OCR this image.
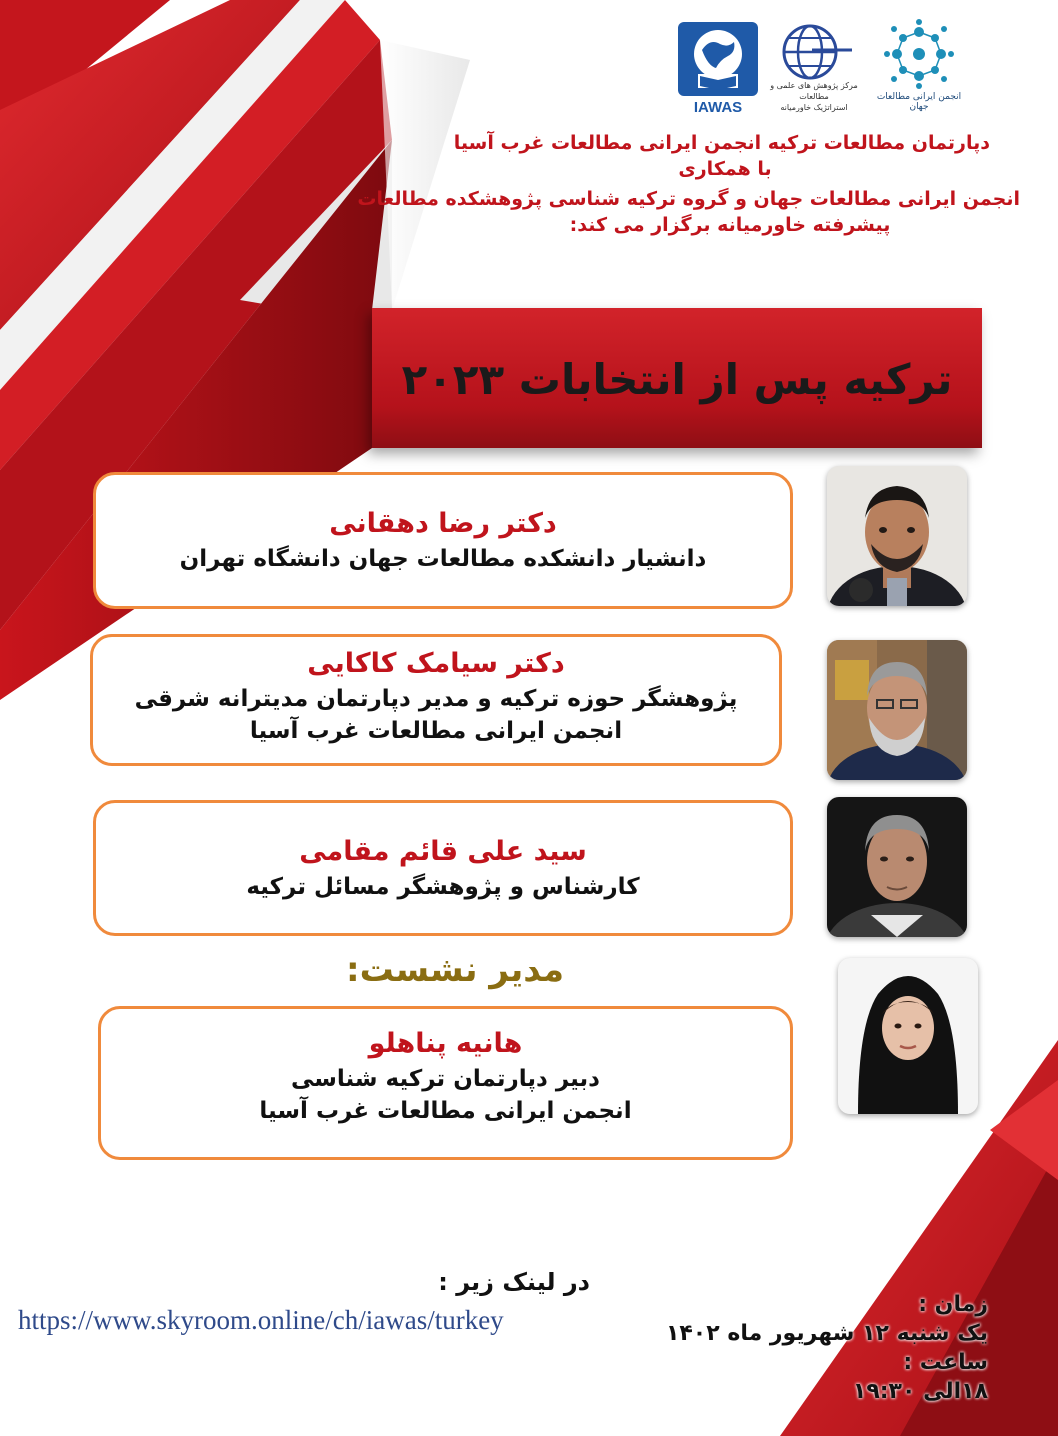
IAWAS
مرکز پژوهش های علمی و مطالعات
استراتژیک خاورمیانه
انجمن ایرانی مطالعات جهان
دپارتمان مطالعات ترکیه انجمن ایرانی مطالعات غرب آسیا
با همکاری
انجمن ایرانی مطالعات جهان و گروه ترکیه شناسی پژوهشکده مطالعات
پیشرفته خاورمیانه برگزار می کند:
ترکیه پس از انتخابات ۲۰۲۳
دکتر رضا دهقانی
دانشیار دانشکده مطالعات جهان دانشگاه تهران
دکتر سیامک کاکایی
پژوهشگر حوزه ترکیه و مدیر دپارتمان مدیترانه شرقی
انجمن ایرانی مطالعات غرب آسیا
سید علی قائم مقامی
کارشناس و پژوهشگر مسائل ترکیه
مدیر نشست:
هانیه پناهلو
دبیر دپارتمان ترکیه شناسی
انجمن ایرانی مطالعات غرب آسیا
در لینک زیر :
https://www.skyroom.online/ch/iawas/turkey
زمان :
یک شنبه ۱۲ شهریور ماه ۱۴۰۲
ساعت :
۱۸الی ۱۹:۳۰
